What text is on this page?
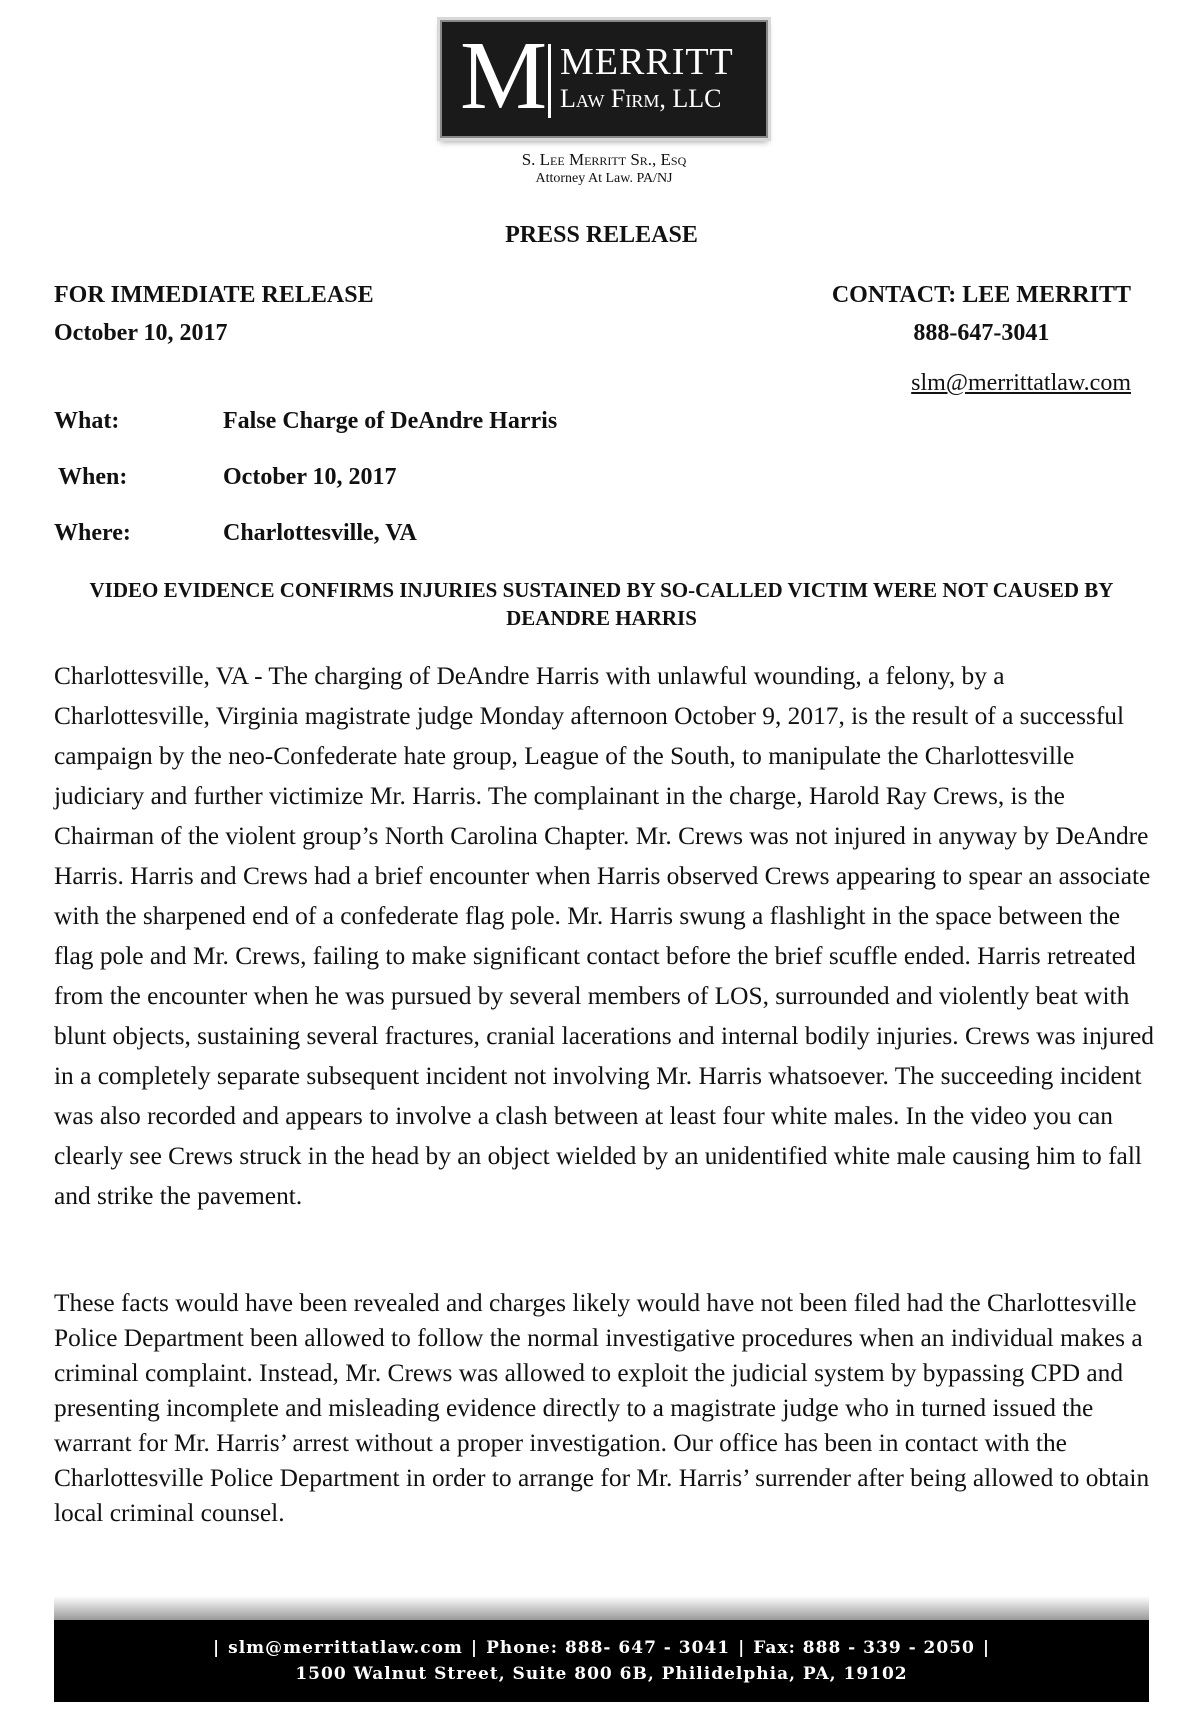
M MERRITT
Law Firm, LLC
S. Lee Merritt Sr., Esq
Attorney At Law. PA/NJ
PRESS RELEASE
FOR IMMEDIATE RELEASE
October 10, 2017
CONTACT: LEE MERRITT
888-647-3041
slm@merrittatlaw.com
What:	False Charge of DeAndre Harris
When:	October 10, 2017
Where:	Charlottesville, VA
VIDEO EVIDENCE CONFIRMS INJURIES SUSTAINED BY SO-CALLED VICTIM WERE NOT CAUSED BY DEANDRE HARRIS

Charlottesville, VA - The charging of DeAndre Harris with unlawful wounding, a felony, by a Charlottesville, Virginia magistrate judge Monday afternoon October 9, 2017, is the result of a successful campaign by the neo-Confederate hate group, League of the South, to manipulate the Charlottesville judiciary and further victimize Mr. Harris. The complainant in the charge, Harold Ray Crews, is the Chairman of the violent group’s North Carolina Chapter. Mr. Crews was not injured in anyway by DeAndre Harris. Harris and Crews had a brief encounter when Harris observed Crews appearing to spear an associate with the sharpened end of a confederate flag pole. Mr. Harris swung a flashlight in the space between the flag pole and Mr. Crews, failing to make significant contact before the brief scuffle ended. Harris retreated from the encounter when he was pursued by several members of LOS, surrounded and violently beat with blunt objects, sustaining several fractures, cranial lacerations and internal bodily injuries. Crews was injured in a completely separate subsequent incident not involving Mr. Harris whatsoever. The succeeding incident was also recorded and appears to involve a clash between at least four white males. In the video you can clearly see Crews struck in the head by an object wielded by an unidentified white male causing him to fall and strike the pavement.

These facts would have been revealed and charges likely would have not been filed had the Charlottesville Police Department been allowed to follow the normal investigative procedures when an individual makes a criminal complaint. Instead, Mr. Crews was allowed to exploit the judicial system by bypassing CPD and presenting incomplete and misleading evidence directly to a magistrate judge who in turned issued the warrant for Mr. Harris’ arrest without a proper investigation. Our office has been in contact with the Charlottesville Police Department in order to arrange for Mr. Harris’ surrender after being allowed to obtain local criminal counsel.

| slm@merrittatlaw.com | Phone: 888- 647 - 3041 | Fax: 888 - 339 - 2050 |
1500 Walnut Street, Suite 800 6B, Philidelphia, PA, 19102
